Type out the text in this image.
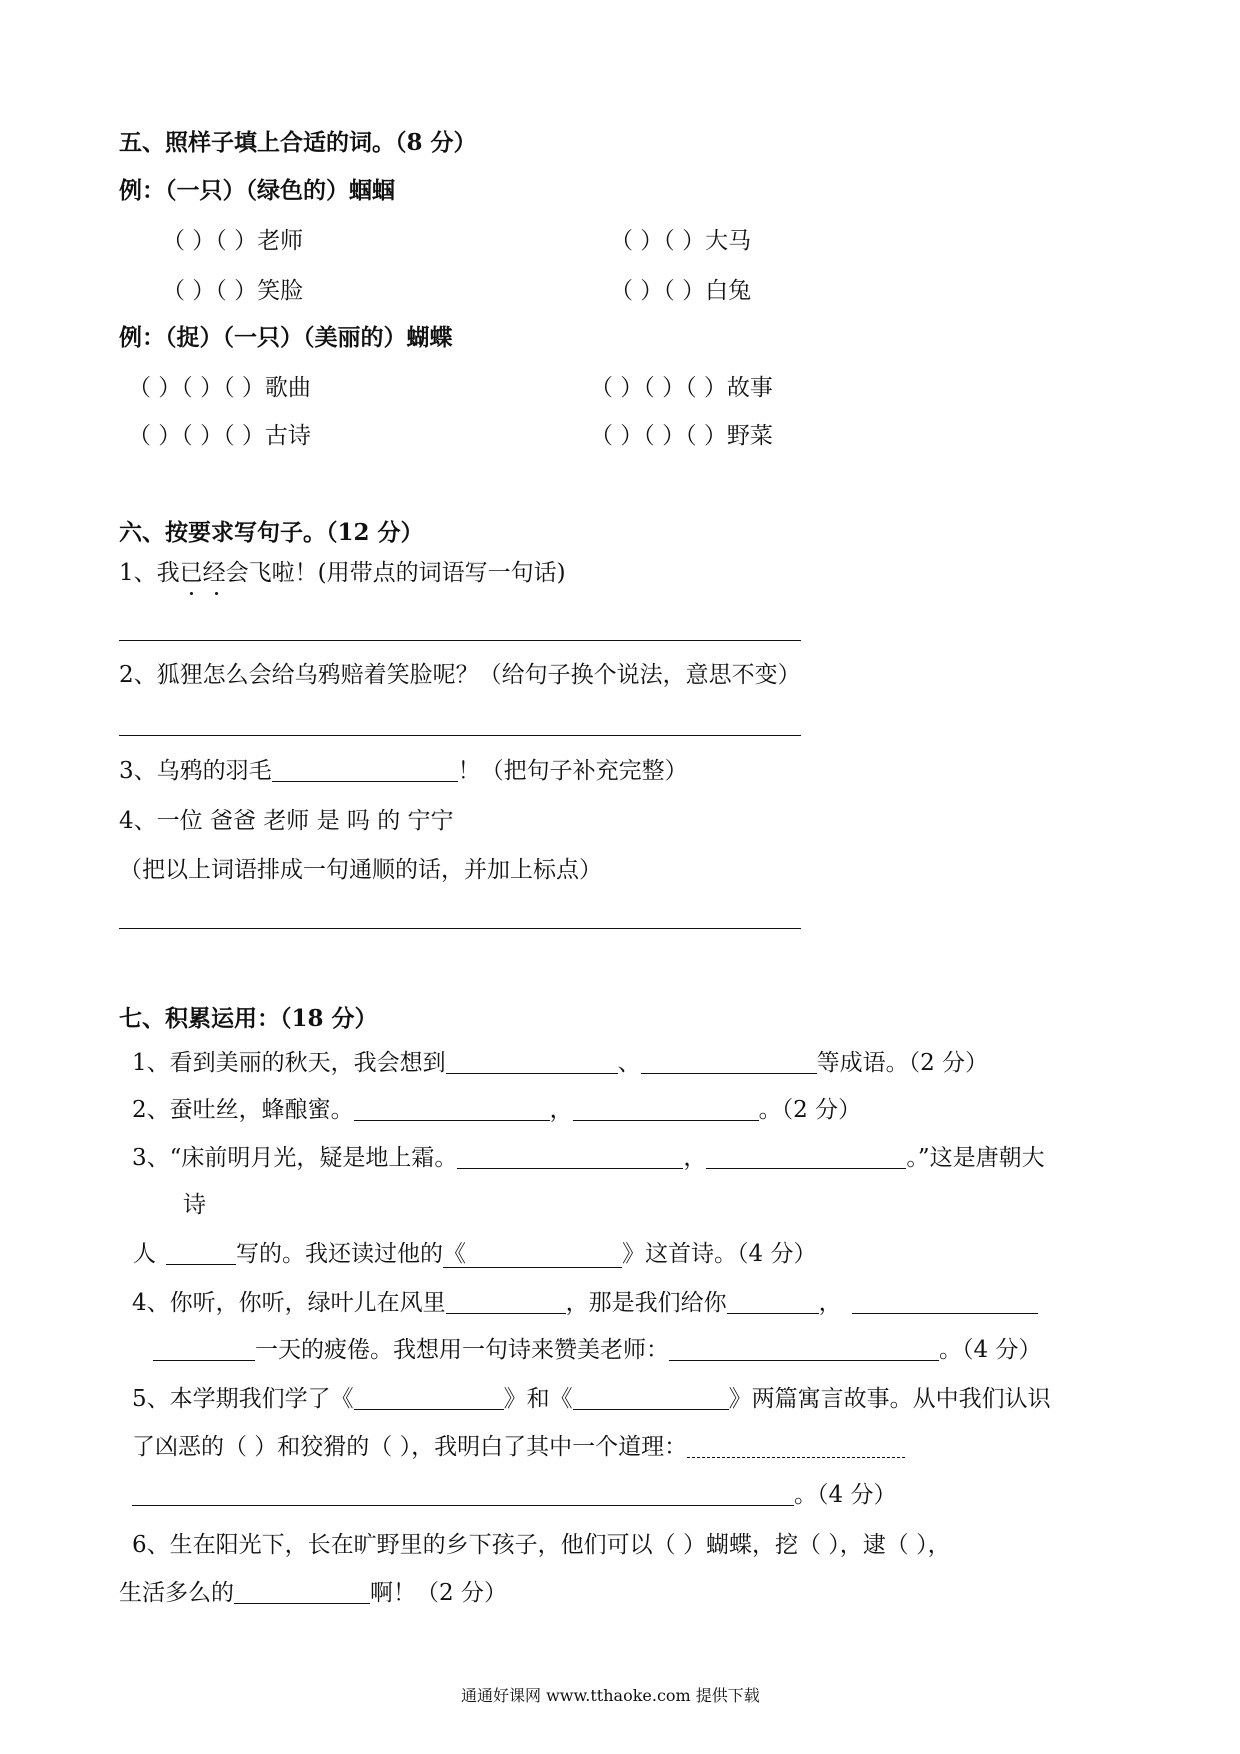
五、照样子填上合适的词。（8 分）
例：（一只）（绿色的）蝈蝈
（ ）（ ）老师	（ ）（ ）大马
（ ）（ ）笑脸	（ ）（ ）白兔
例：（捉）（一只）（美丽的）蝴蝶
（ ）（ ）（ ）歌曲	（ ）（ ）（ ）故事
（ ）（ ）（ ）古诗	（ ）（ ）（ ）野菜
六、按要求写句子。（12 分）
1、我已经会飞啦！(用带点的词语写一句话)
2、狐狸怎么会给乌鸦赔着笑脸呢？（给句子换个说法，意思不变）
3、乌鸦的羽毛	！（把句子补充完整）
4、一位 爸爸 老师 是 吗 的 宁宁
（把以上词语排成一句通顺的话，并加上标点）
七、积累运用：（18 分）
1、看到美丽的秋天，我会想到	、	等成语。（2 分）
2、蚕吐丝，蜂酿蜜。	，	。（2 分）
3、“床前明月光，疑是地上霜。	，	。”这是唐朝大
诗
人	写的。我还读过他的《	》这首诗。（4 分）
4、你听，你听，绿叶儿在风里	，那是我们给你	，
一天的疲倦。我想用一句诗来赞美老师：	。（4 分）
5、本学期我们学了《	》和《	》两篇寓言故事。从中我们认识
了凶恶的（ ）和狡猾的（ ），我明白了其中一个道理：
。（4 分）
6、生在阳光下，长在旷野里的乡下孩子，他们可以（ ）蝴蝶，挖（ ），逮（ ），
生活多么的	啊！（2 分）
通通好课网 www.tthaoke.com 提供下载
